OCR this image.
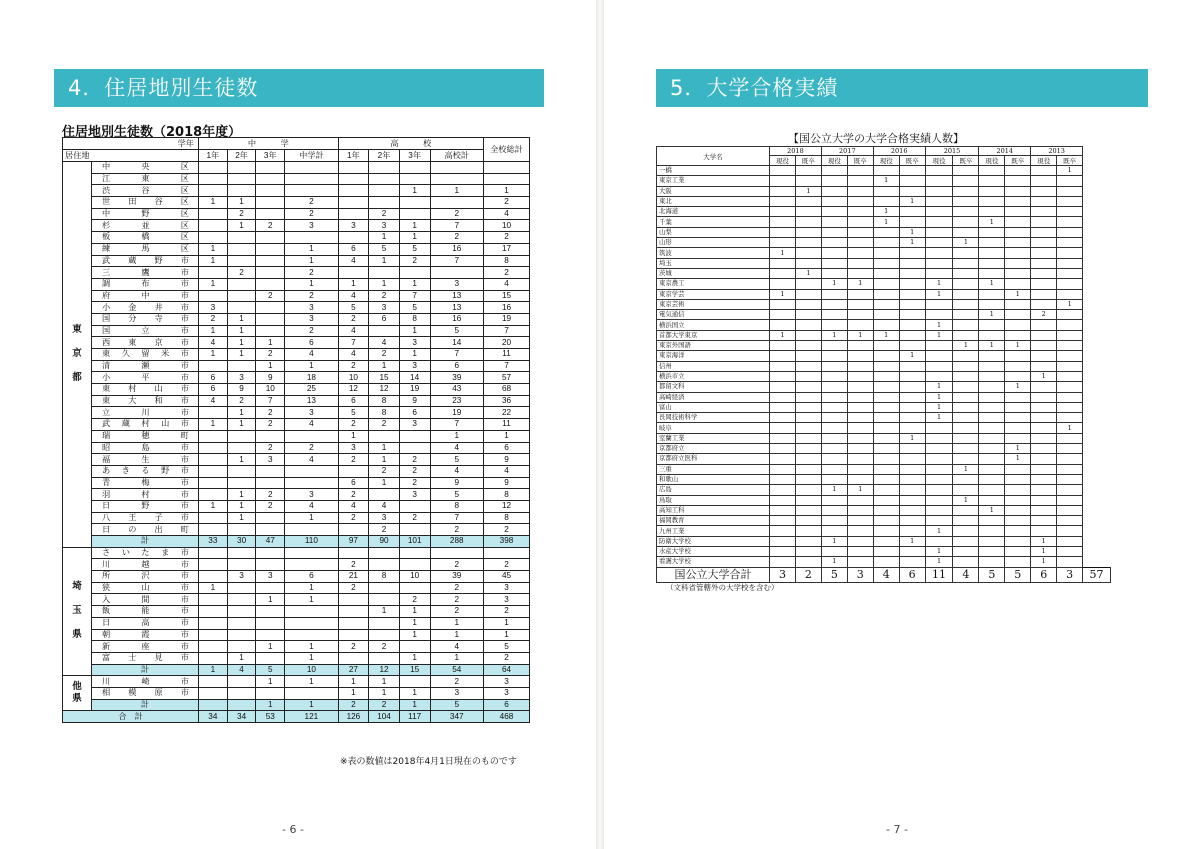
4．住居地別生徒数
住居地別生徒数（2018年度）
学年		中　　　学				高　　　校				全校総計
居住地		1年	2年	3年	中学計	1年	2年	3年	高校計	
東

京

都	中央区									
	江東区									
	渋谷区							1	1	1
	世田谷区	1	1		2					2
	中野区		2		2		2		2	4
	杉並区		1	2	3	3	3	1	7	10
	板橋区						1	1	2	2
	練馬区	1			1	6	5	5	16	17
	武蔵野市	1			1	4	1	2	7	8
	三鷹市		2		2					2
	調布市	1			1	1	1	1	3	4
	府中市			2	2	4	2	7	13	15
	小金井市	3			3	5	3	5	13	16
	国分寺市	2	1		3	2	6	8	16	19
	国立市	1	1		2	4		1	5	7
	西東京市	4	1	1	6	7	4	3	14	20
	東久留米市	1	1	2	4	4	2	1	7	11
	清瀬市			1	1	2	1	3	6	7
	小平市	6	3	9	18	10	15	14	39	57
	東村山市	6	9	10	25	12	12	19	43	68
	東大和市	4	2	7	13	6	8	9	23	36
	立川市		1	2	3	5	8	6	19	22
	武蔵村山市	1	1	2	4	2	2	3	7	11
	瑞穂町					1			1	1
	昭島市			2	2	3	1		4	6
	福生市		1	3	4	2	1	2	5	9
	あきる野市						2	2	4	4
	青梅市					6	1	2	9	9
	羽村市		1	2	3	2		3	5	8
	日野市	1	1	2	4	4	4		8	12
	八王子市		1		1	2	3	2	7	8
	日の出町						2		2	2
	計	33	30	47	110	97	90	101	288	398
埼

玉

県	さいたま市									
	川越市					2			2	2
	所沢市		3	3	6	21	8	10	39	45
	狭山市	1			1	2			2	3
	入間市			1	1			2	2	3
	飯能市						1	1	2	2
	日高市							1	1	1
	朝霞市							1	1	1
	新座市			1	1	2	2		4	5
	富士見市		1		1			1	1	2
	計	1	4	5	10	27	12	15	54	64
他
県	川崎市			1	1	1	1		2	3
	相模原市					1	1	1	3	3
	計			1	1	2	2	1	5	6
合　計		34	34	53	121	126	104	117	347	468
※表の数値は2018年4月1日現在のものです
- 6 -
5．大学合格実績
【国公立大学の大学合格実績人数】
大学名	2018		2017		2016		2015		2014		2013		
	現役	既卒	現役	既卒	現役	既卒	現役	既卒	現役	既卒	現役	既卒	
一橋												1	
東京工業					1								
大阪		1											
東北						1							
北海道					1								
千葉					1				1				
山梨						1							
山形						1		1					
筑波	1												
埼玉													
茨城		1											
東京農工			1	1			1		1				
東京学芸	1						1			1			
東京芸術												1	
電気通信									1		2		
横浜国立							1						
首都大学東京	1		1	1	1		1						
東京外国語								1	1	1			
東京海洋						1							
信州													
横浜市立											1		
都留文科							1			1			
高崎経済							1						
富山							1						
長岡技術科学							1						
岐阜												1	
室蘭工業						1							
京都府立										1			
京都府立医科										1			
三重								1					
和歌山													
広島			1	1									
鳥取								1					
高知工科									1				
福岡教育													
九州工業							1						
防衛大学校			1			1					1		
水産大学校							1				1		
看護大学校			1				1				1		
国公立大学合計	3	2	5	3	4	6	11	4	5	5	6	3	57
（文科省管轄外の大学校を含む）
- 7 -
